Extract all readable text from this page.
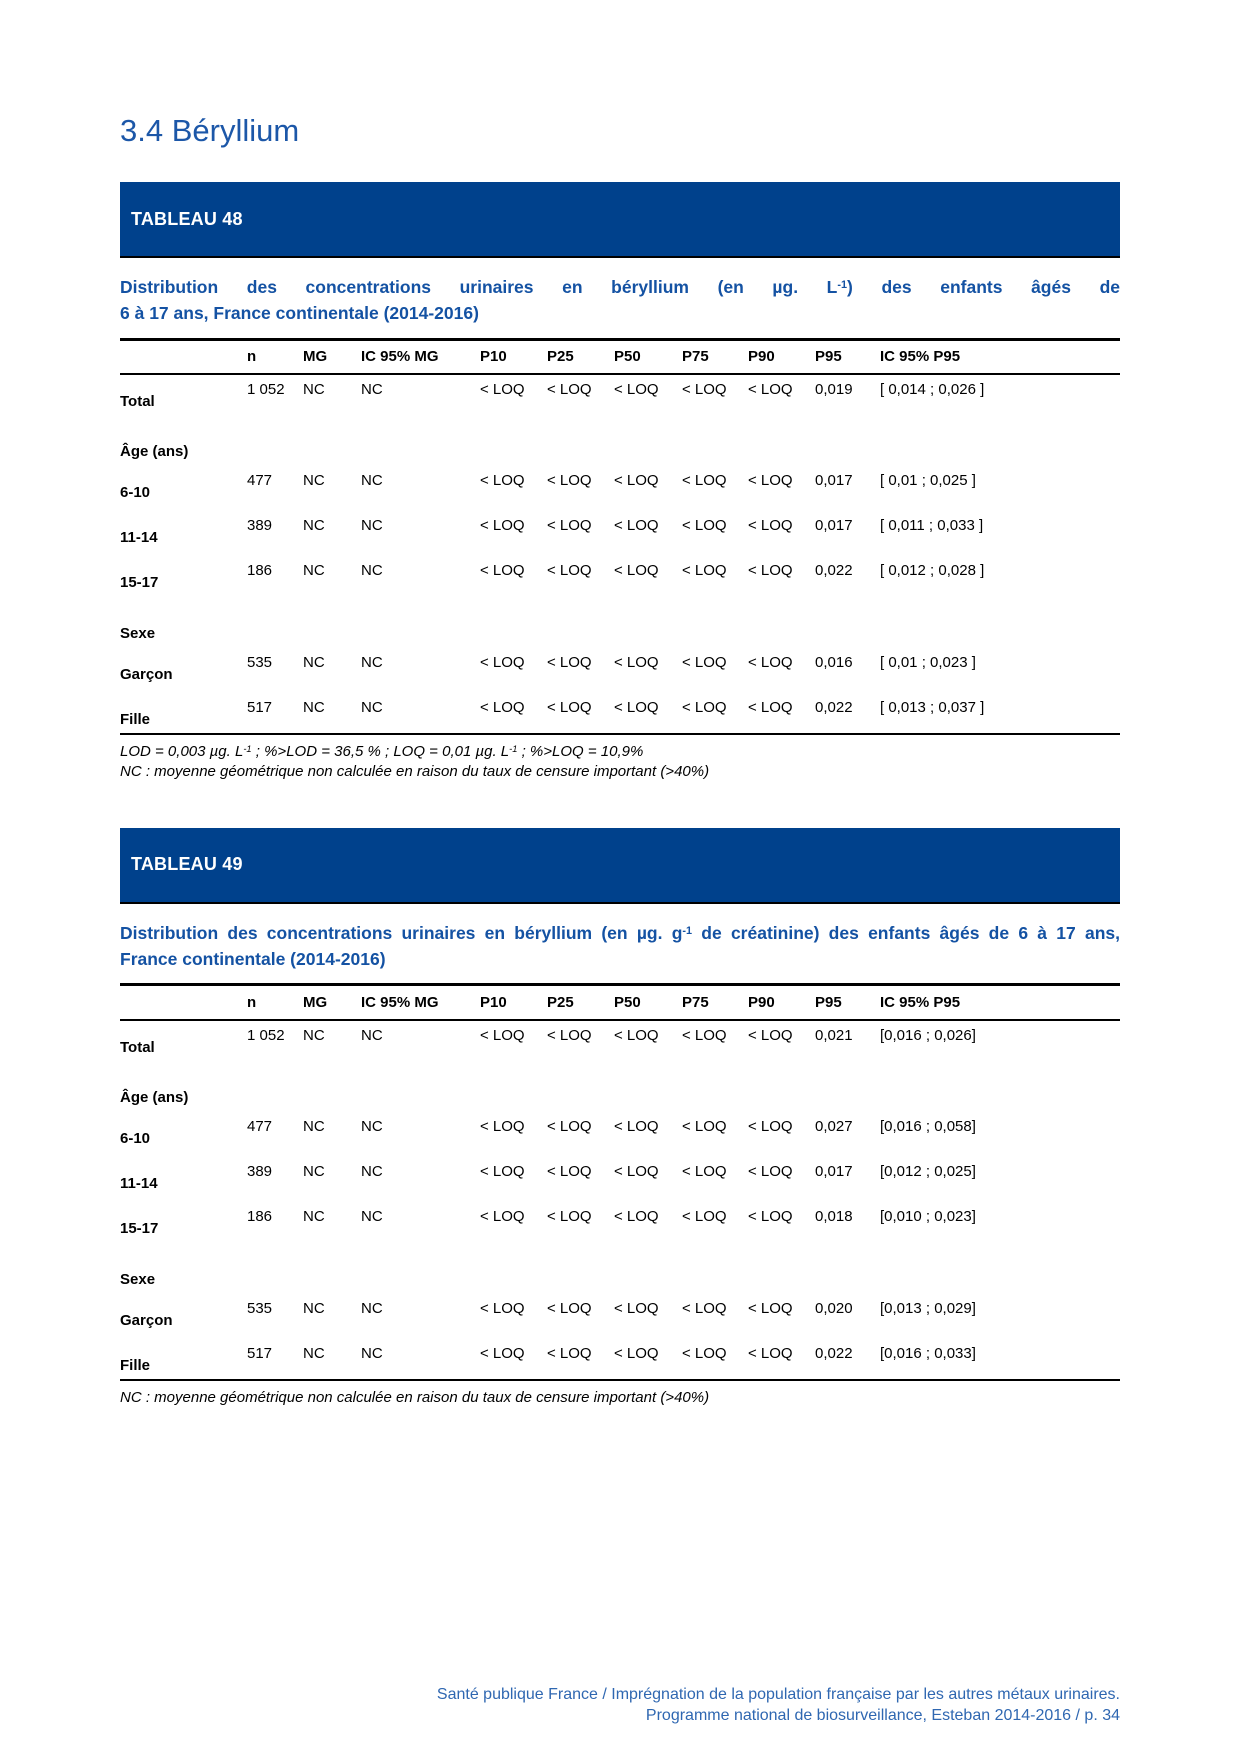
3.4 Béryllium
TABLEAU 48
Distribution des concentrations urinaires en béryllium (en µg. $L^{-1}$) des enfants âgés de
6 à 17 ans, France continentale (2014-2016)
	n	MG	IC 95% MG	P10	P25	P50	P75	P90	P95	IC 95% P95
Total	1 052	NC	NC	< LOQ	< LOQ	< LOQ	< LOQ	< LOQ	0,019	[ 0,014 ; 0,026 ]

Âge (ans)										
6-10	477	NC	NC	< LOQ	< LOQ	< LOQ	< LOQ	< LOQ	0,017	[ 0,01 ; 0,025 ]
11-14	389	NC	NC	< LOQ	< LOQ	< LOQ	< LOQ	< LOQ	0,017	[ 0,011 ; 0,033 ]
15-17	186	NC	NC	< LOQ	< LOQ	< LOQ	< LOQ	< LOQ	0,022	[ 0,012 ; 0,028 ]

Sexe										
Garçon	535	NC	NC	< LOQ	< LOQ	< LOQ	< LOQ	< LOQ	0,016	[ 0,01 ; 0,023 ]
Fille	517	NC	NC	< LOQ	< LOQ	< LOQ	< LOQ	< LOQ	0,022	[ 0,013 ; 0,037 ]
LOD = 0,003 µg. $L^{-1}$ ; %>LOD = 36,5 % ; LOQ = 0,01 µg. $L^{-1}$ ; %>LOQ = 10,9%
NC : moyenne géométrique non calculée en raison du taux de censure important (>40%)
TABLEAU 49
Distribution des concentrations urinaires en béryllium (en µg. $g^{-1}$ de créatinine) des enfants âgés de 6 à 17 ans,
France continentale (2014-2016)
	n	MG	IC 95% MG	P10	P25	P50	P75	P90	P95	IC 95% P95
Total	1 052	NC	NC	< LOQ	< LOQ	< LOQ	< LOQ	< LOQ	0,021	[0,016 ; 0,026]

Âge (ans)										
6-10	477	NC	NC	< LOQ	< LOQ	< LOQ	< LOQ	< LOQ	0,027	[0,016 ; 0,058]
11-14	389	NC	NC	< LOQ	< LOQ	< LOQ	< LOQ	< LOQ	0,017	[0,012 ; 0,025]
15-17	186	NC	NC	< LOQ	< LOQ	< LOQ	< LOQ	< LOQ	0,018	[0,010 ; 0,023]

Sexe										
Garçon	535	NC	NC	< LOQ	< LOQ	< LOQ	< LOQ	< LOQ	0,020	[0,013 ; 0,029]
Fille	517	NC	NC	< LOQ	< LOQ	< LOQ	< LOQ	< LOQ	0,022	[0,016 ; 0,033]
NC : moyenne géométrique non calculée en raison du taux de censure important (>40%)
Santé publique France / Imprégnation de la population française par les autres métaux urinaires.
Programme national de biosurveillance, Esteban 2014-2016 / p. 34
